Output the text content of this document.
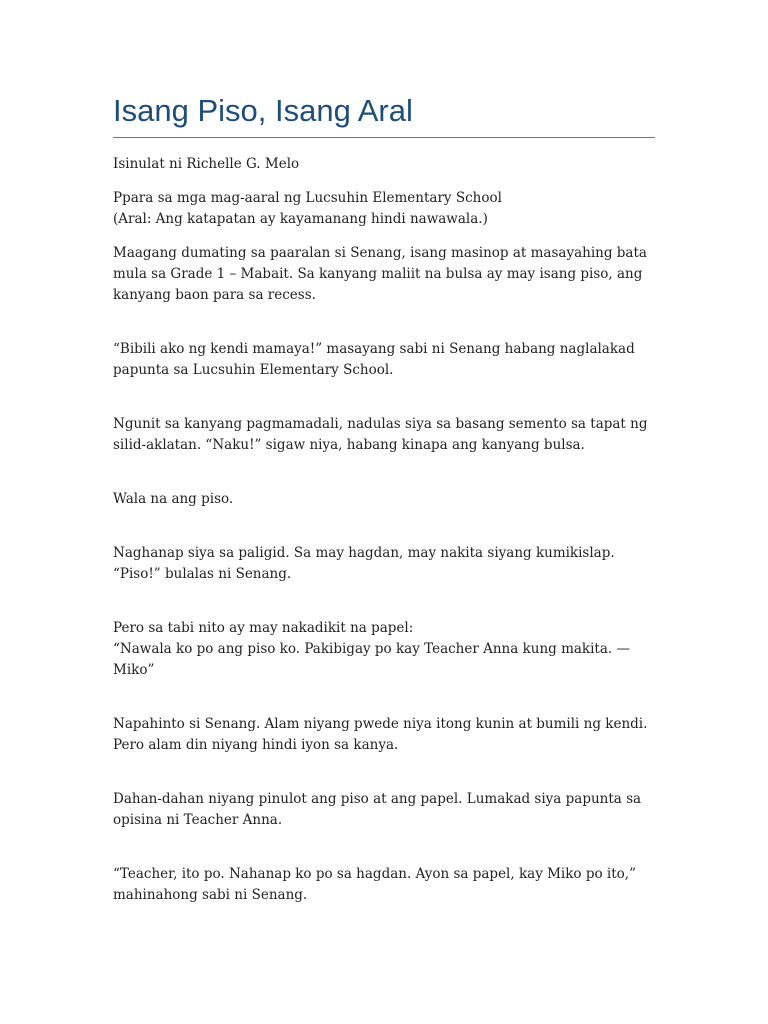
Isang Piso, Isang Aral

Isinulat ni Richelle G. Melo

Ppara sa mga mag-aaral ng Lucsuhin Elementary School
(Aral: Ang katapatan ay kayamanang hindi nawawala.)

Maagang dumating sa paaralan si Senang, isang masinop at masayahing bata mula sa Grade 1 – Mabait. Sa kanyang maliit na bulsa ay may isang piso, ang kanyang baon para sa recess.

“Bibili ako ng kendi mamaya!” masayang sabi ni Senang habang naglalakad papunta sa Lucsuhin Elementary School.

Ngunit sa kanyang pagmamadali, nadulas siya sa basang semento sa tapat ng silid-aklatan. “Naku!” sigaw niya, habang kinapa ang kanyang bulsa.

Wala na ang piso.

Naghanap siya sa paligid. Sa may hagdan, may nakita siyang kumikislap. “Piso!” bulalas ni Senang.

Pero sa tabi nito ay may nakadikit na papel:
“Nawala ko po ang piso ko. Pakibigay po kay Teacher Anna kung makita. — Miko”

Napahinto si Senang. Alam niyang pwede niya itong kunin at bumili ng kendi. Pero alam din niyang hindi iyon sa kanya.

Dahan-dahan niyang pinulot ang piso at ang papel. Lumakad siya papunta sa opisina ni Teacher Anna.

“Teacher, ito po. Nahanap ko po sa hagdan. Ayon sa papel, kay Miko po ito,” mahinahong sabi ni Senang.
